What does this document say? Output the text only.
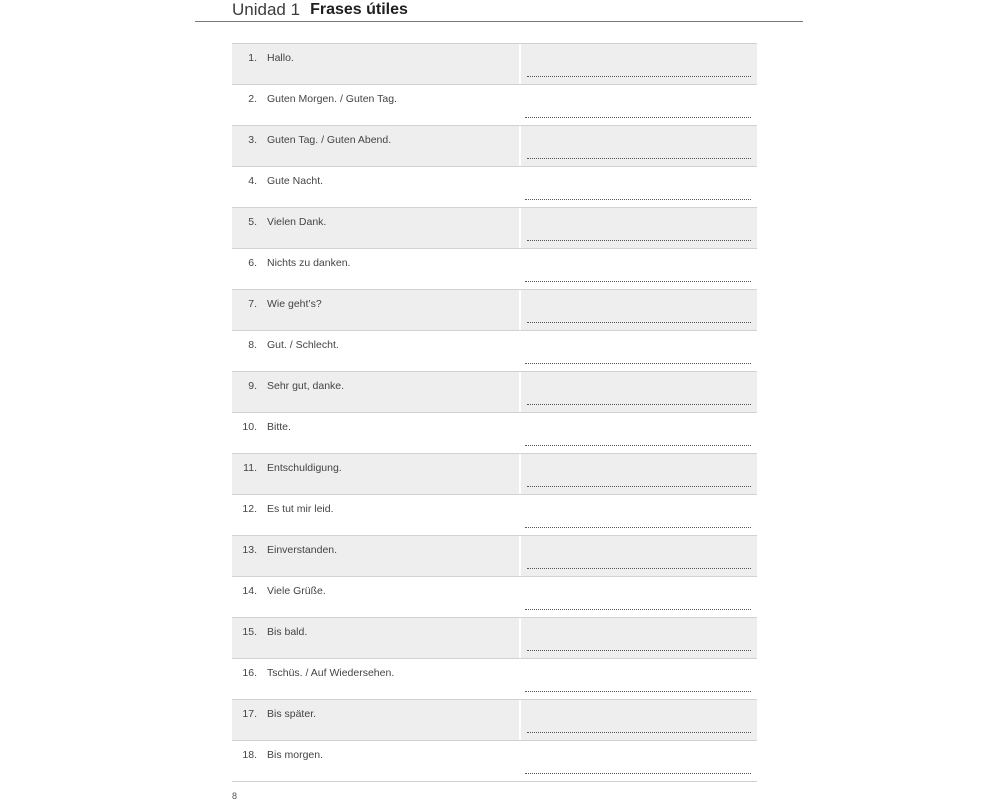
Unidad 1 Frases útiles
1. Hallo.
2. Guten Morgen. / Guten Tag.
3. Guten Tag. / Guten Abend.
4. Gute Nacht.
5. Vielen Dank.
6. Nichts zu danken.
7. Wie geht’s?
8. Gut. / Schlecht.
9. Sehr gut, danke.
10. Bitte.
11. Entschuldigung.
12. Es tut mir leid.
13. Einverstanden.
14. Viele Grüße.
15. Bis bald.
16. Tschüs. / Auf Wiedersehen.
17. Bis später.
18. Bis morgen.
8
